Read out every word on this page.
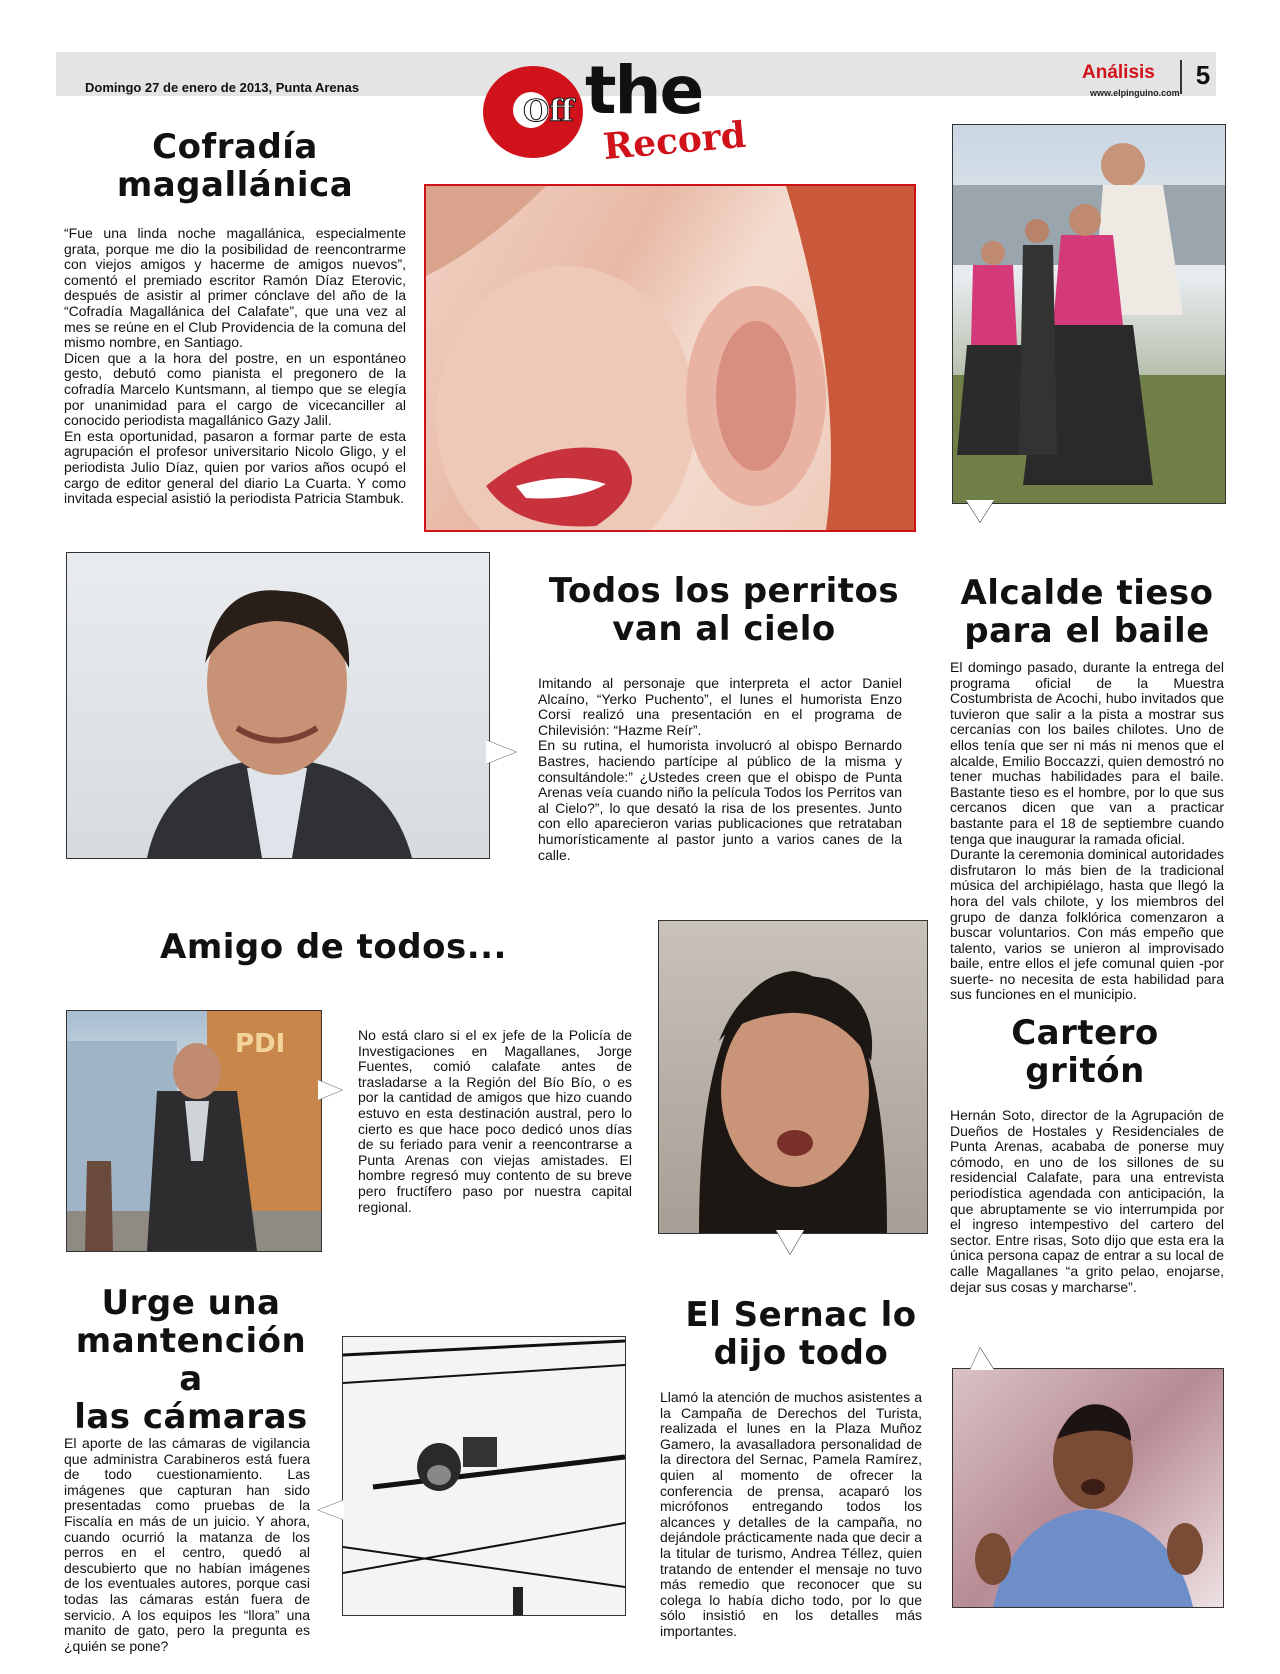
Domingo 27 de enero de 2013, Punta Arenas
Análisis
www.elpinguino.com
5
Off the
Record
Cofradía
magallánica

“Fue una linda noche magallánica, especialmente grata, porque me dio la posibilidad de reencontrarme con viejos amigos y hacerme de amigos nuevos”, comentó el premiado escritor Ramón Díaz Eterovic, después de asistir al primer cónclave del año de la “Cofradía Magallánica del Calafate”, que una vez al mes se reúne en el Club Providencia de la comuna del mismo nombre, en Santiago.

Dicen que a la hora del postre, en un espontáneo gesto, debutó como pianista el pregonero de la cofradía Marcelo Kuntsmann, al tiempo que se elegía por unanimidad para el cargo de vicecanciller al conocido periodista magallánico Gazy Jalil.

En esta oportunidad, pasaron a formar parte de esta agrupación el profesor universitario Nicolo Gligo, y el periodista Julio Díaz, quien por varios años ocupó el cargo de editor general del diario La Cuarta. Y como invitada especial asistió la periodista Patricia Stambuk.

Todos los perritos
van al cielo

Imitando al personaje que interpreta el actor Daniel Alcaíno, “Yerko Puchento”, el lunes el humorista Enzo Corsi realizó una presentación en el programa de Chilevisión: “Hazme Reír”.

En su rutina, el humorista involucró al obispo Bernardo Bastres, haciendo partícipe al público de la misma y consultándole:” ¿Ustedes creen que el obispo de Punta Arenas veía cuando niño la película Todos los Perritos van al Cielo?”, lo que desató la risa de los presentes. Junto con ello aparecieron varias publicaciones que retrataban humorísticamente al pastor junto a varios canes de la calle.

Alcalde tieso
para el baile

El domingo pasado, durante la entrega del programa oficial de la Muestra Costumbrista de Acochi, hubo invitados que tuvieron que salir a la pista a mostrar sus cercanías con los bailes chilotes. Uno de ellos tenía que ser ni más ni menos que el alcalde, Emilio Boccazzi, quien demostró no tener muchas habilidades para el baile. Bastante tieso es el hombre, por lo que sus cercanos dicen que van a practicar bastante para el 18 de septiembre cuando tenga que inaugurar la ramada oficial.

Durante la ceremonia dominical autoridades disfrutaron lo más bien de la tradicional música del archipiélago, hasta que llegó la hora del vals chilote, y los miembros del grupo de danza folklórica comenzaron a buscar voluntarios. Con más empeño que talento, varios se unieron al improvisado baile, entre ellos el jefe comunal quien -por suerte- no necesita de esta habilidad para sus funciones en el municipio.

Amigo de todos...
PDI	No está claro si el ex jefe de la Policía de Investigaciones en Magallanes, Jorge Fuentes, comió calafate antes de trasladarse a la Región del Bío Bío, o es por la cantidad de amigos que hizo cuando estuvo en esta destinación austral, pero lo cierto es que hace poco dedicó unos días de su feriado para venir a reencontrarse a Punta Arenas con viejas amistades. El hombre regresó muy contento de su breve pero fructífero paso por nuestra capital regional.

Cartero
gritón

Hernán Soto, director de la Agrupación de Dueños de Hostales y Residenciales de Punta Arenas, acababa de ponerse muy cómodo, en uno de los sillones de su residencial Calafate, para una entrevista periodística agendada con anticipación, la que abruptamente se vio interrumpida por el ingreso intempestivo del cartero del sector. Entre risas, Soto dijo que esta era la única persona capaz de entrar a su local de calle Magallanes “a grito pelao, enojarse, dejar sus cosas y marcharse”.

Urge una
mantención a
las cámaras

El aporte de las cámaras de vigilancia que administra Carabineros está fuera de todo cuestionamiento. Las imágenes que capturan han sido presentadas como pruebas de la Fiscalía en más de un juicio. Y ahora, cuando ocurrió la matanza de los perros en el centro, quedó al descubierto que no habían imágenes de los eventuales autores, porque casi todas las cámaras están fuera de servicio. A los equipos les “llora” una manito de gato, pero la pregunta es ¿quién se pone?

El Sernac lo
dijo todo

Llamó la atención de muchos asistentes a la Campaña de Derechos del Turista, realizada el lunes en la Plaza Muñoz Gamero, la avasalladora personalidad de la directora del Sernac, Pamela Ramírez, quien al momento de ofrecer la conferencia de prensa, acaparó los micrófonos entregando todos los alcances y detalles de la campaña, no dejándole prácticamente nada que decir a la titular de turismo, Andrea Téllez, quien tratando de entender el mensaje no tuvo más remedio que reconocer que su colega lo había dicho todo, por lo que sólo insistió en los detalles más importantes.
